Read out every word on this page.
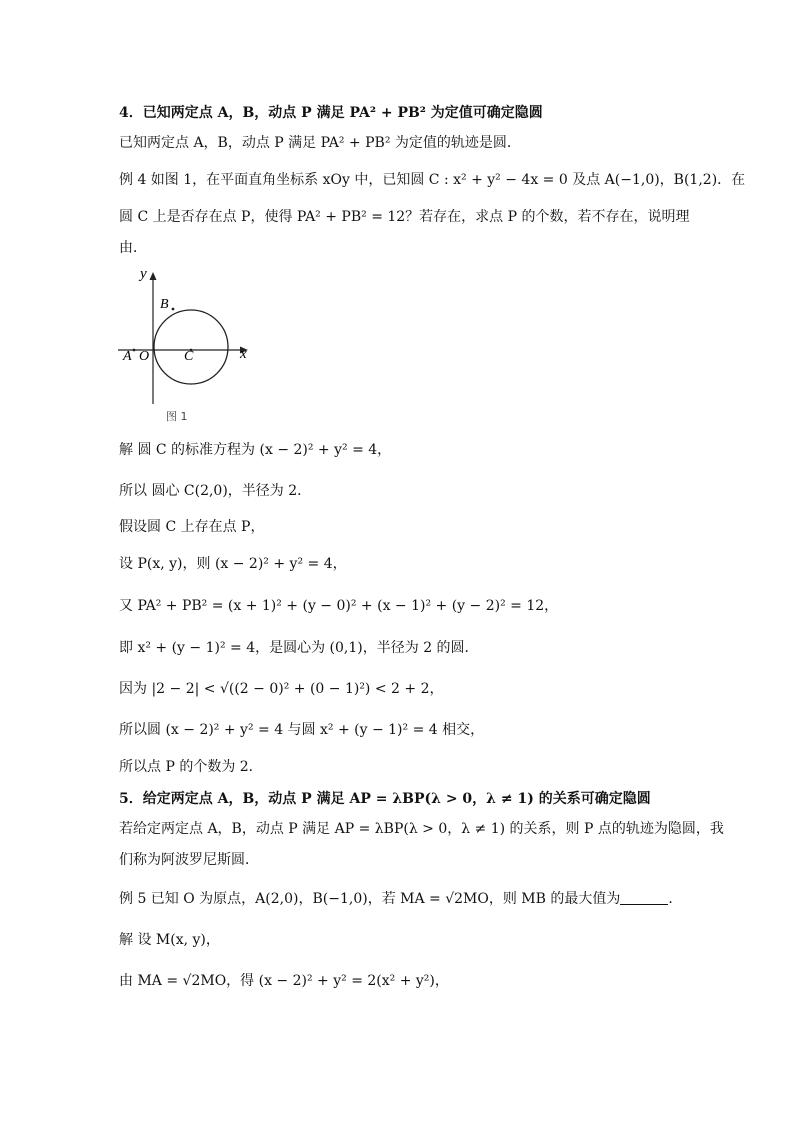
4．已知两定点 A，B，动点 P 满足 PA² + PB² 为定值可确定隐圆
已知两定点 A，B，动点 P 满足 PA² + PB² 为定值的轨迹是圆．
例 4 如图 1，在平面直角坐标系 xOy 中，已知圆 C : x² + y² − 4x = 0 及点 A(−1,0)，B(1,2)．在
圆 C 上是否存在点 P，使得 PA² + PB² = 12？若存在，求点 P 的个数，若不存在，说明理
由．
y
x
A O C
B
图 1
解 圆 C 的标准方程为 (x − 2)² + y² = 4，
所以 圆心 C(2,0)，半径为 2．
假设圆 C 上存在点 P，
设 P(x, y)，则 (x − 2)² + y² = 4，
又 PA² + PB² = (x + 1)² + (y − 0)² + (x − 1)² + (y − 2)² = 12，
即 x² + (y − 1)² = 4，是圆心为 (0,1)，半径为 2 的圆．
因为 |2 − 2| < √((2 − 0)² + (0 − 1)²) < 2 + 2，
所以圆 (x − 2)² + y² = 4 与圆 x² + (y − 1)² = 4 相交，
所以点 P 的个数为 2．
5．给定两定点 A，B，动点 P 满足 AP = λBP(λ > 0，λ ≠ 1) 的关系可确定隐圆
若给定两定点 A，B，动点 P 满足 AP = λBP(λ > 0，λ ≠ 1) 的关系，则 P 点的轨迹为隐圆，我
们称为阿波罗尼斯圆．
例 5 已知 O 为原点，A(2,0)，B(−1,0)，若 MA = √2MO，则 MB 的最大值为	．
解 设 M(x, y)，
由 MA = √2MO，得 (x − 2)² + y² = 2(x² + y²)，
